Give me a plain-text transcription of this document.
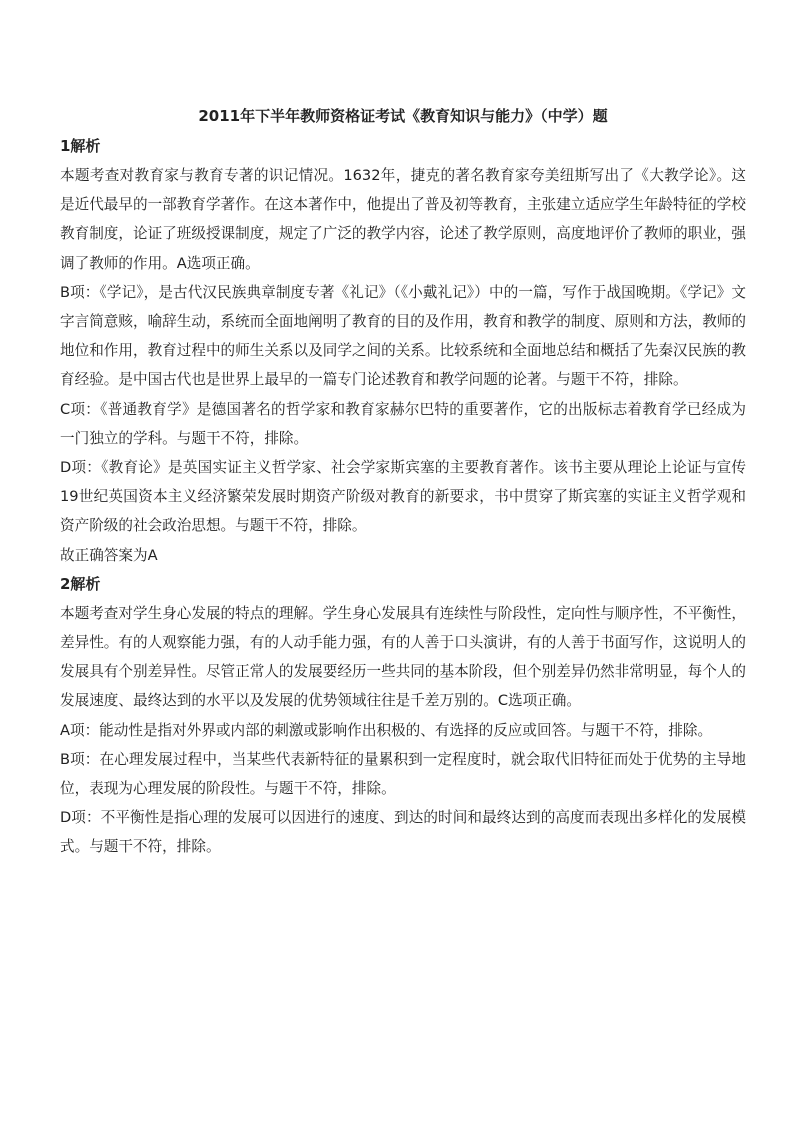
2011年下半年教师资格证考试《教育知识与能力》（中学）题
1解析

本题考查对教育家与教育专著的识记情况。1632年，捷克的著名教育家夸美纽斯写出了《大教学论》。这是近代最早的一部教育学著作。在这本著作中，他提出了普及初等教育，主张建立适应学生年龄特征的学校教育制度，论证了班级授课制度，规定了广泛的教学内容，论述了教学原则，高度地评价了教师的职业，强调了教师的作用。A选项正确。

B项：《学记》，是古代汉民族典章制度专著《礼记》（《小戴礼记》）中的一篇，写作于战国晚期。《学记》文字言简意赅，喻辞生动，系统而全面地阐明了教育的目的及作用，教育和教学的制度、原则和方法，教师的地位和作用，教育过程中的师生关系以及同学之间的关系。比较系统和全面地总结和概括了先秦汉民族的教育经验。是中国古代也是世界上最早的一篇专门论述教育和教学问题的论著。与题干不符，排除。

C项：《普通教育学》是德国著名的哲学家和教育家赫尔巴特的重要著作，它的出版标志着教育学已经成为一门独立的学科。与题干不符，排除。

D项：《教育论》是英国实证主义哲学家、社会学家斯宾塞的主要教育著作。该书主要从理论上论证与宣传19世纪英国资本主义经济繁荣发展时期资产阶级对教育的新要求，书中贯穿了斯宾塞的实证主义哲学观和资产阶级的社会政治思想。与题干不符，排除。

故正确答案为A

2解析

本题考查对学生身心发展的特点的理解。学生身心发展具有连续性与阶段性，定向性与顺序性，不平衡性，差异性。有的人观察能力强，有的人动手能力强，有的人善于口头演讲，有的人善于书面写作，这说明人的发展具有个别差异性。尽管正常人的发展要经历一些共同的基本阶段，但个别差异仍然非常明显，每个人的发展速度、最终达到的水平以及发展的优势领域往往是千差万别的。C选项正确。

A项：能动性是指对外界或内部的刺激或影响作出积极的、有选择的反应或回答。与题干不符，排除。

B项：在心理发展过程中，当某些代表新特征的量累积到一定程度时，就会取代旧特征而处于优势的主导地位，表现为心理发展的阶段性。与题干不符，排除。

D项：不平衡性是指心理的发展可以因进行的速度、到达的时间和最终达到的高度而表现出多样化的发展模式。与题干不符，排除。
